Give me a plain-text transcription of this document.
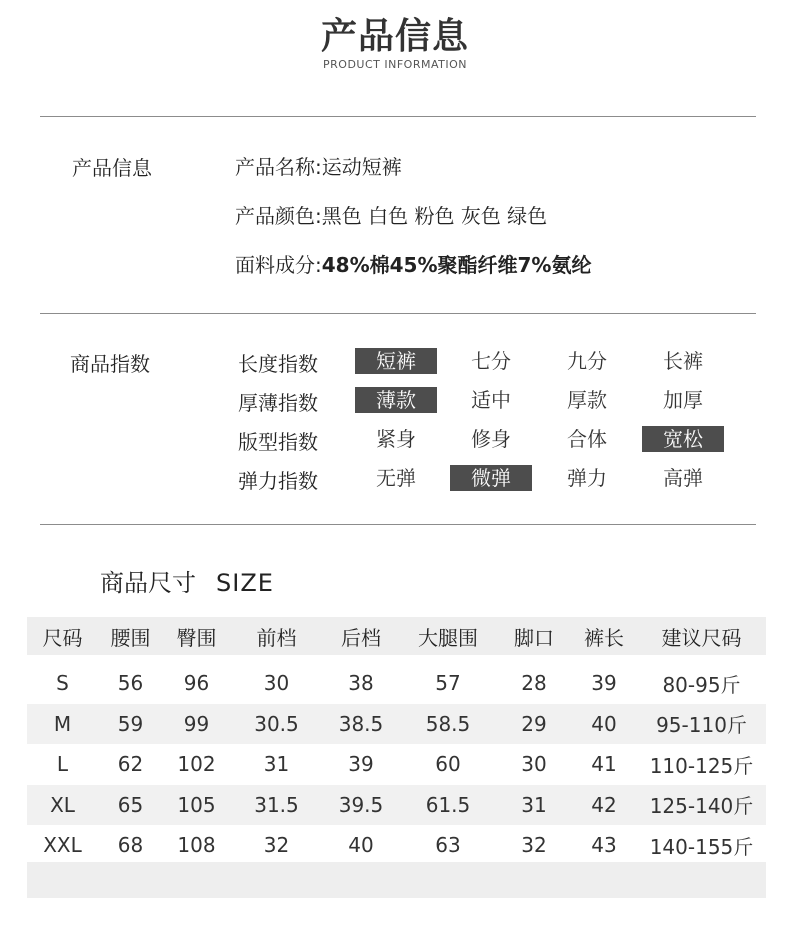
产品信息
PRODUCT INFORMATION
产品信息	产品名称:运动短裤
产品颜色:黑色 白色 粉色 灰色 绿色
面料成分:48%棉45%聚酯纤维7%氨纶
商品指数	长度指数	短裤	七分	九分	长裤
厚薄指数	薄款	适中	厚款	加厚
版型指数	紧身	修身	合体	宽松
弹力指数	无弹	微弹	弹力	高弹
商品尺寸 SIZE
尺码	腰围	臀围	前档	后档	大腿围	脚口	裤长	建议尺码

S	56	96	30	38	57	28	39	80-95斤
M	59	99	30.5	38.5	58.5	29	40	95-110斤
L	62	102	31	39	60	30	41	110-125斤
XL	65	105	31.5	39.5	61.5	31	42	125-140斤
XXL	68	108	32	40	63	32	43	140-155斤
